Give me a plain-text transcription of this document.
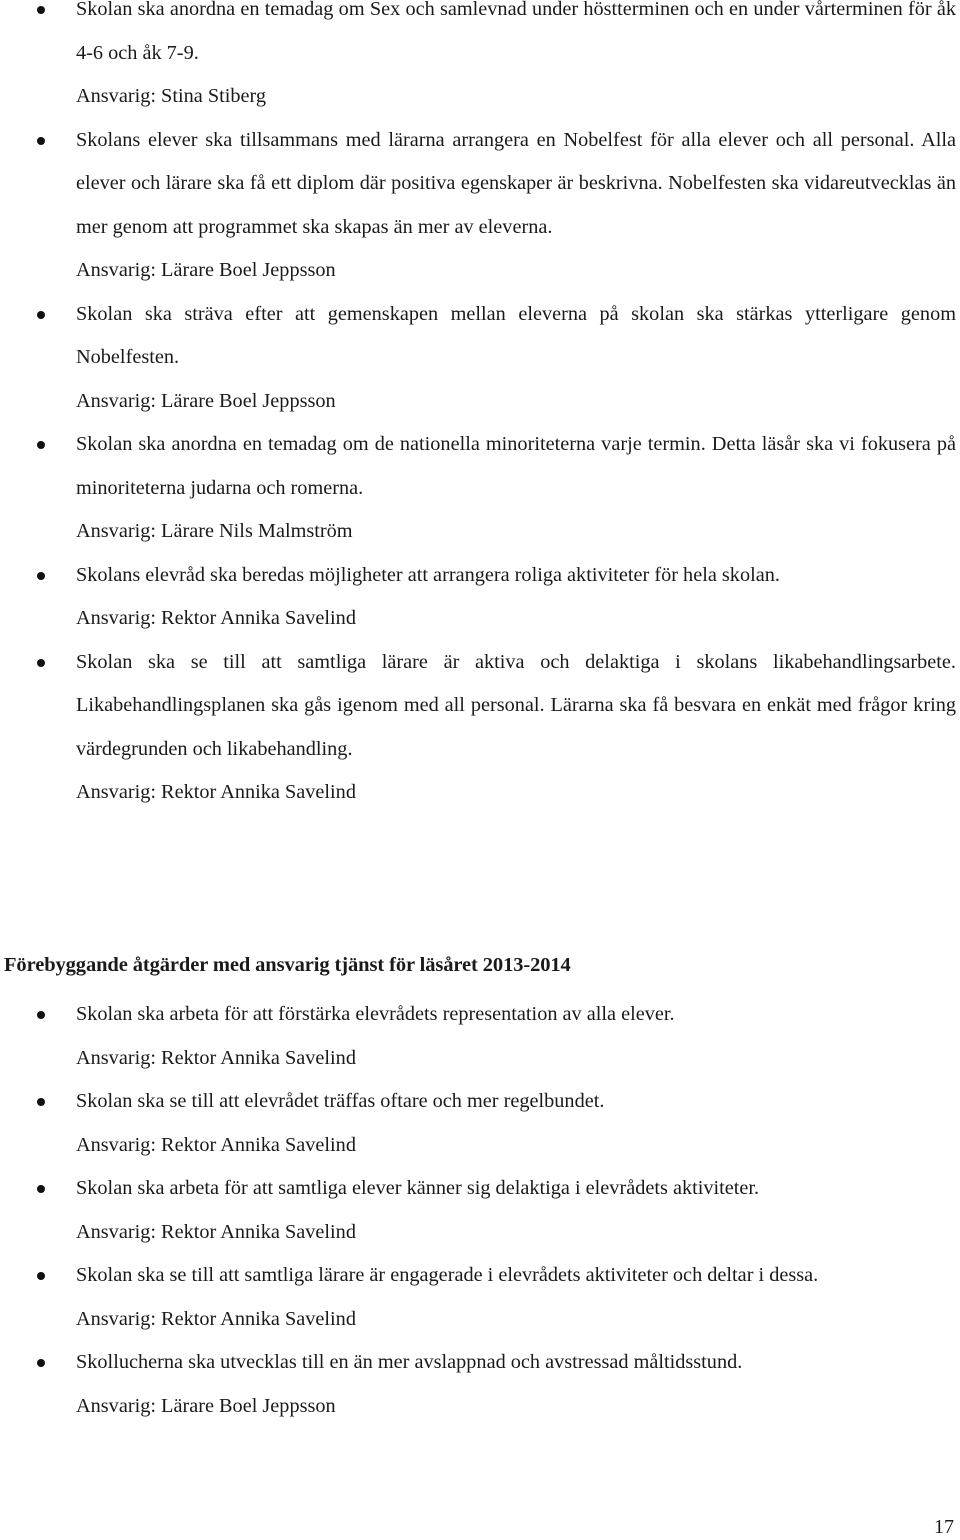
Skolan ska anordna en temadag om Sex och samlevnad under höstterminen och en under vårterminen för åk 4-6 och åk 7-9.

Ansvarig: Stina Stiberg

Skolans elever ska tillsammans med lärarna arrangera en Nobelfest för alla elever och all personal. Alla elever och lärare ska få ett diplom där positiva egenskaper är beskrivna. Nobelfesten ska vidareutvecklas än mer genom att programmet ska skapas än mer av eleverna.

Ansvarig: Lärare Boel Jeppsson

Skolan ska sträva efter att gemenskapen mellan eleverna på skolan ska stärkas ytterligare genom Nobelfesten.

Ansvarig: Lärare Boel Jeppsson

Skolan ska anordna en temadag om de nationella minoriteterna varje termin. Detta läsår ska vi fokusera på minoriteterna judarna och romerna.

Ansvarig: Lärare Nils Malmström

Skolans elevråd ska beredas möjligheter att arrangera roliga aktiviteter för hela skolan.

Ansvarig: Rektor Annika Savelind

Skolan ska se till att samtliga lärare är aktiva och delaktiga i skolans likabehandlingsarbete. Likabehandlingsplanen ska gås igenom med all personal. Lärarna ska få besvara en enkät med frågor kring värdegrunden och likabehandling.

Ansvarig: Rektor Annika Savelind

Förebyggande åtgärder med ansvarig tjänst för läsåret 2013-2014

Skolan ska arbeta för att förstärka elevrådets representation av alla elever.

Ansvarig: Rektor Annika Savelind

Skolan ska se till att elevrådet träffas oftare och mer regelbundet.

Ansvarig: Rektor Annika Savelind

Skolan ska arbeta för att samtliga elever känner sig delaktiga i elevrådets aktiviteter.

Ansvarig: Rektor Annika Savelind

Skolan ska se till att samtliga lärare är engagerade i elevrådets aktiviteter och deltar i dessa.

Ansvarig: Rektor Annika Savelind

Skollucherna ska utvecklas till en än mer avslappnad och avstressad måltidsstund.

Ansvarig: Lärare Boel Jeppsson

17
